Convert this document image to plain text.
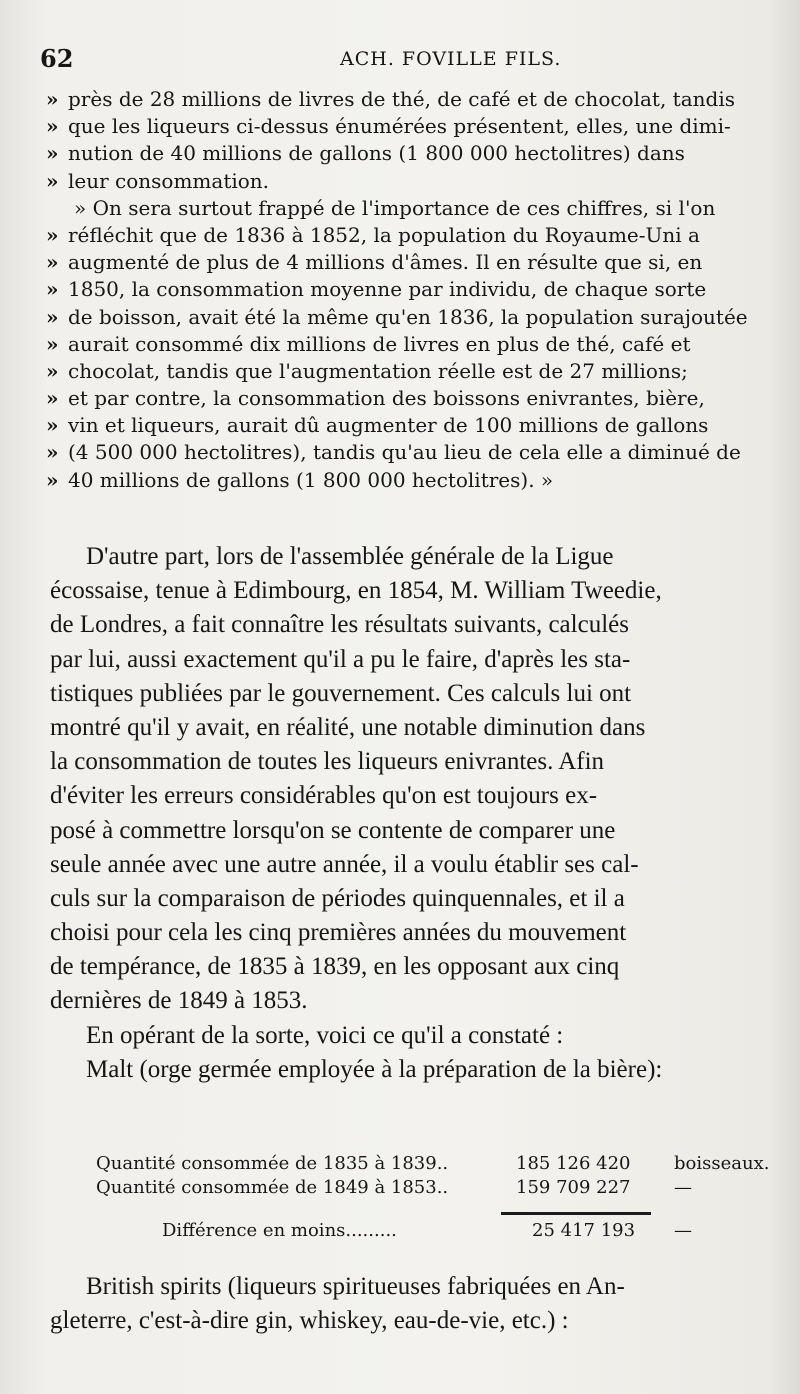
62	ACH. FOVILLE FILS.
» près de 28 millions de livres de thé, de café et de chocolat, tandis
» que les liqueurs ci-dessus énumérées présentent, elles, une dimi-
» nution de 40 millions de gallons (1 800 000 hectolitres) dans
» leur consommation.
» On sera surtout frappé de l'importance de ces chiffres, si l'on
» réfléchit que de 1836 à 1852, la population du Royaume-Uni a
» augmenté de plus de 4 millions d'âmes. Il en résulte que si, en
» 1850, la consommation moyenne par individu, de chaque sorte
» de boisson, avait été la même qu'en 1836, la population surajoutée
» aurait consommé dix millions de livres en plus de thé, café et
» chocolat, tandis que l'augmentation réelle est de 27 millions;
» et par contre, la consommation des boissons enivrantes, bière,
» vin et liqueurs, aurait dû augmenter de 100 millions de gallons
» (4 500 000 hectolitres), tandis qu'au lieu de cela elle a diminué de
» 40 millions de gallons (1 800 000 hectolitres). »
D'autre part, lors de l'assemblée générale de la Ligue
écossaise, tenue à Edimbourg, en 1854, M. William Tweedie,
de Londres, a fait connaître les résultats suivants, calculés
par lui, aussi exactement qu'il a pu le faire, d'après les sta-
tistiques publiées par le gouvernement. Ces calculs lui ont
montré qu'il y avait, en réalité, une notable diminution dans
la consommation de toutes les liqueurs enivrantes. Afin
d'éviter les erreurs considérables qu'on est toujours ex-
posé à commettre lorsqu'on se contente de comparer une
seule année avec une autre année, il a voulu établir ses cal-
culs sur la comparaison de périodes quinquennales, et il a
choisi pour cela les cinq premières années du mouvement
de tempérance, de 1835 à 1839, en les opposant aux cinq
dernières de 1849 à 1853.
En opérant de la sorte, voici ce qu'il a constaté :
Malt (orge germée employée à la préparation de la bière):
Quantité consommée de 1835 à 1839..	185 126 420 boisseaux.
Quantité consommée de 1849 à 1853..	159 709 227 —
Différence en moins.........	25 417 193 —
British spirits (liqueurs spiritueuses fabriquées en An-
gleterre, c'est-à-dire gin, whiskey, eau-de-vie, etc.) :
